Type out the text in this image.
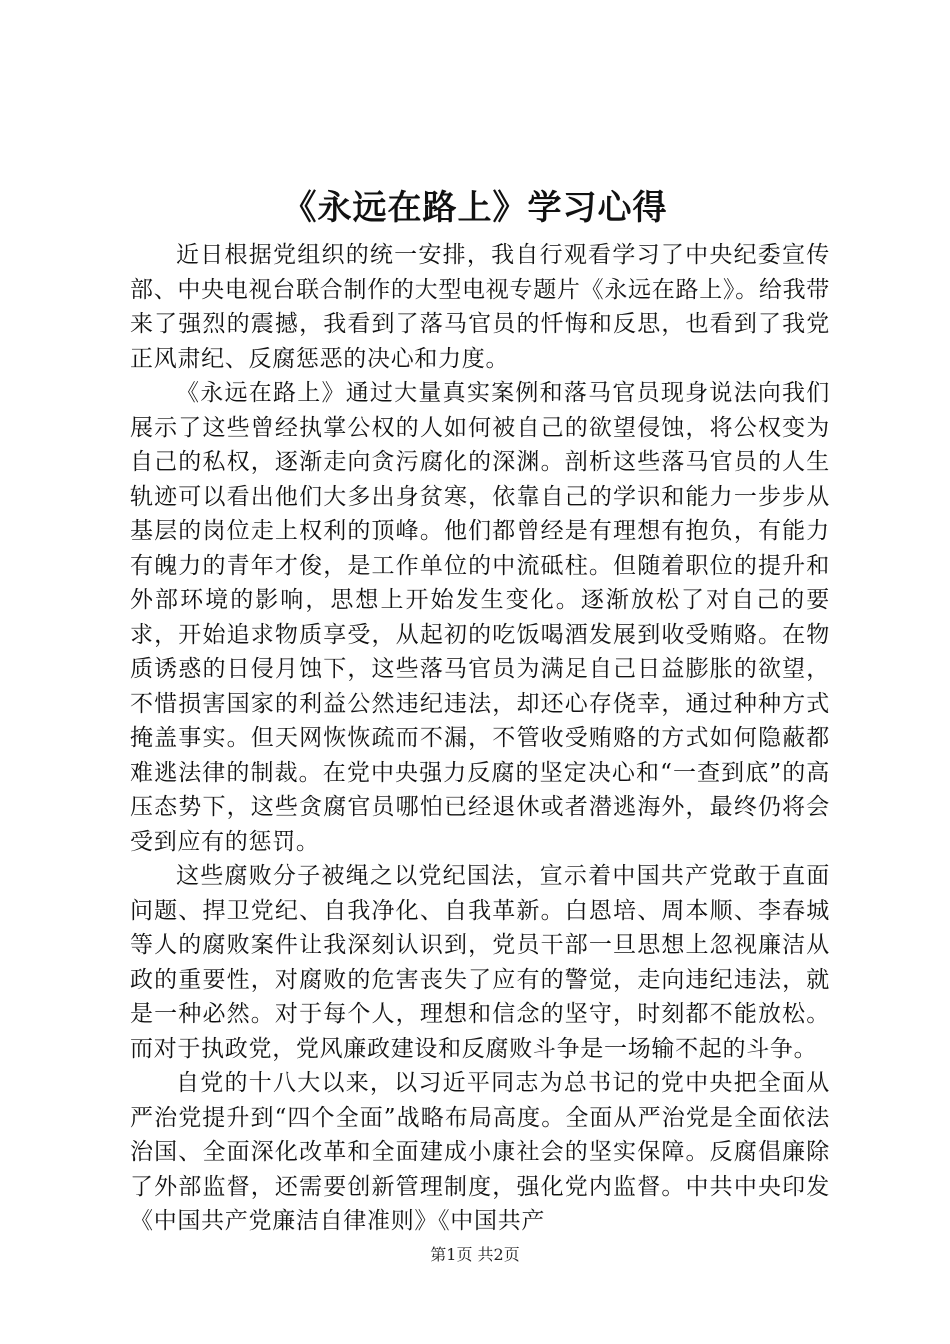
《永远在路上》学习心得

近日根据党组织的统一安排，我自行观看学习了中央纪委宣传部、中央电视台联合制作的大型电视专题片《永远在路上》。给我带来了强烈的震撼，我看到了落马官员的忏悔和反思，也看到了我党正风肃纪、反腐惩恶的决心和力度。

《永远在路上》通过大量真实案例和落马官员现身说法向我们展示了这些曾经执掌公权的人如何被自己的欲望侵蚀，将公权变为自己的私权，逐渐走向贪污腐化的深渊。剖析这些落马官员的人生轨迹可以看出他们大多出身贫寒，依靠自己的学识和能力一步步从基层的岗位走上权利的顶峰。他们都曾经是有理想有抱负，有能力有魄力的青年才俊，是工作单位的中流砥柱。但随着职位的提升和外部环境的影响，思想上开始发生变化。逐渐放松了对自己的要求，开始追求物质享受，从起初的吃饭喝酒发展到收受贿赂。在物质诱惑的日侵月蚀下，这些落马官员为满足自己日益膨胀的欲望，不惜损害国家的利益公然违纪违法，却还心存侥幸，通过种种方式掩盖事实。但天网恢恢疏而不漏，不管收受贿赂的方式如何隐蔽都难逃法律的制裁。在党中央强力反腐的坚定决心和“一查到底”的高压态势下，这些贪腐官员哪怕已经退休或者潜逃海外，最终仍将会受到应有的惩罚。

这些腐败分子被绳之以党纪国法，宣示着中国共产党敢于直面问题、捍卫党纪、自我净化、自我革新。白恩培、周本顺、李春城等人的腐败案件让我深刻认识到，党员干部一旦思想上忽视廉洁从政的重要性，对腐败的危害丧失了应有的警觉，走向违纪违法，就是一种必然。对于每个人，理想和信念的坚守，时刻都不能放松。而对于执政党，党风廉政建设和反腐败斗争是一场输不起的斗争。

自党的十八大以来，以习近平同志为总书记的党中央把全面从严治党提升到“四个全面”战略布局高度。全面从严治党是全面依法治国、全面深化改革和全面建成小康社会的坚实保障。反腐倡廉除了外部监督，还需要创新管理制度，强化党内监督。中共中央印发《中国共产党廉洁自律准则》《中国共产

第1页 共2页
